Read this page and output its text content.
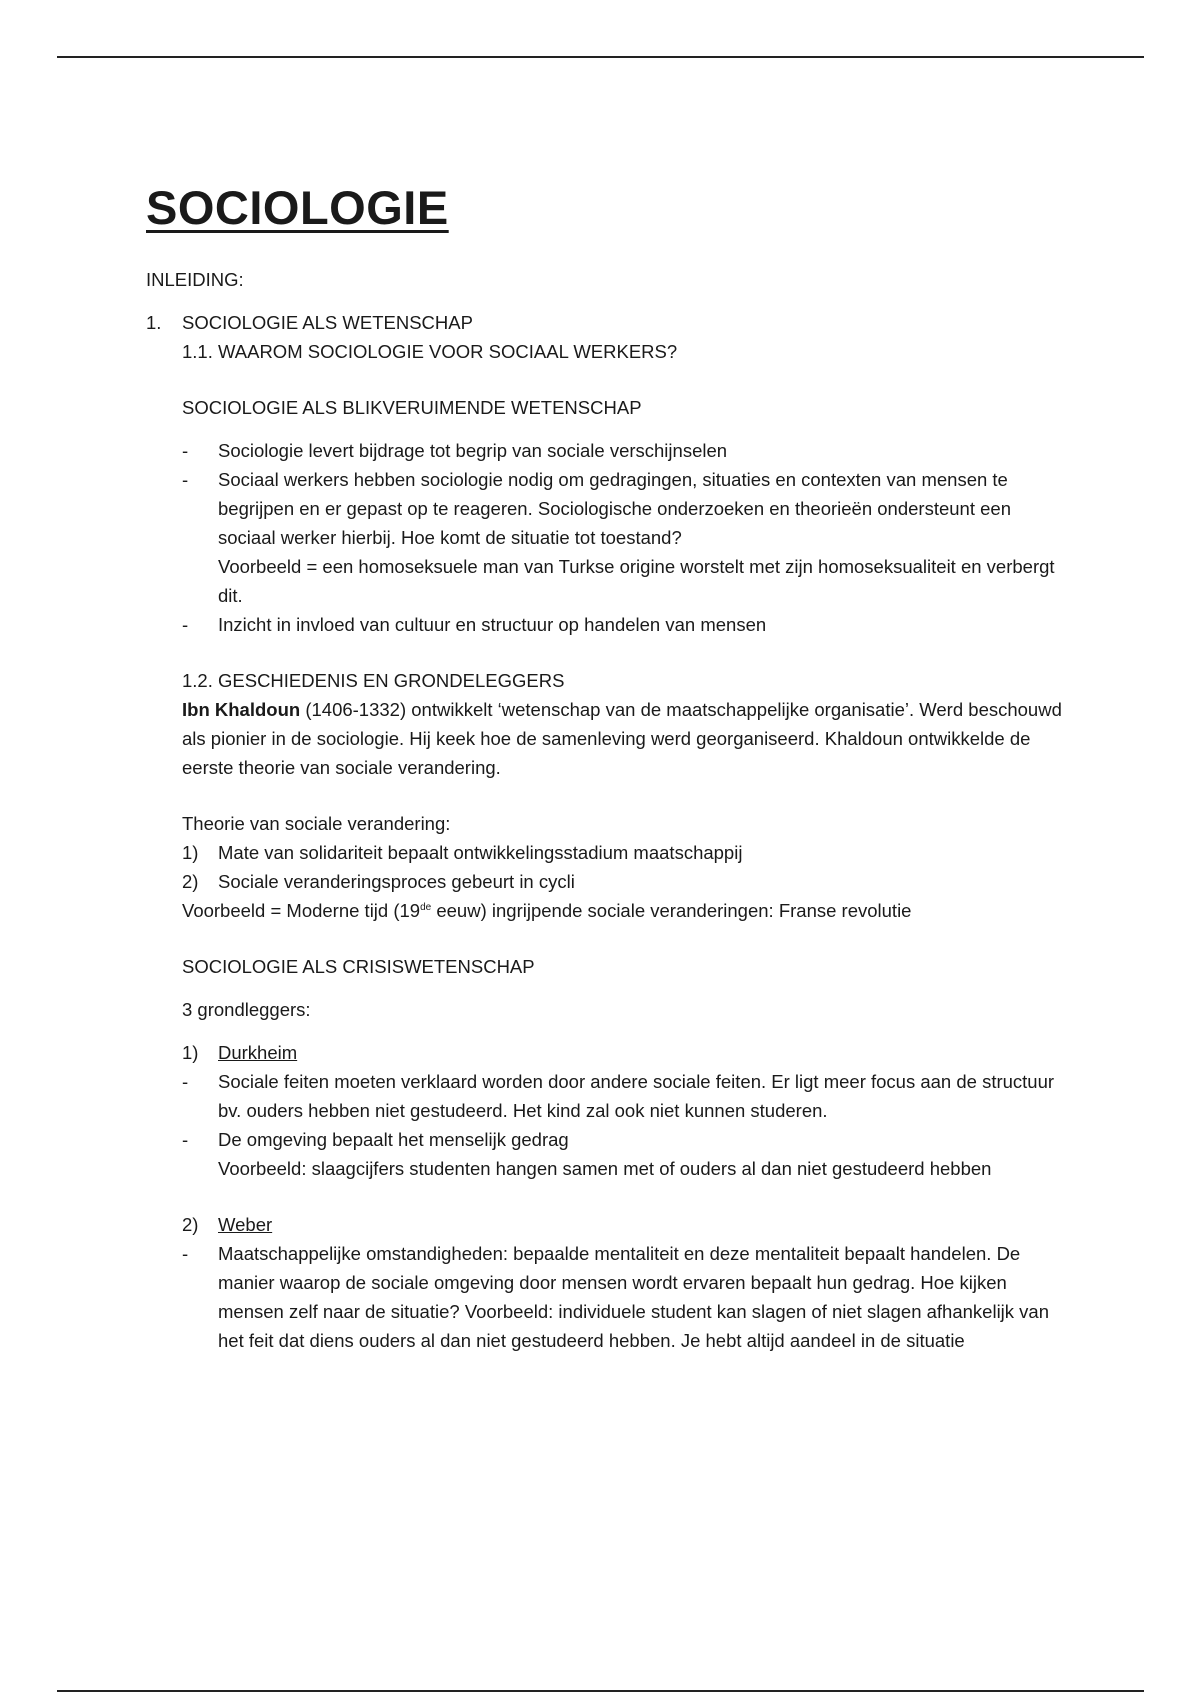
SOCIOLOGIE
INLEIDING:
1. SOCIOLOGIE ALS WETENSCHAP
1.1. WAAROM SOCIOLOGIE VOOR SOCIAAL WERKERS?
SOCIOLOGIE ALS BLIKVERUIMENDE WETENSCHAP
-	Sociologie levert bijdrage tot begrip van sociale verschijnselen
-	Sociaal werkers hebben sociologie nodig om gedragingen, situaties en contexten van mensen te begrijpen en er gepast op te reageren. Sociologische onderzoeken en theorieën ondersteunt een sociaal werker hierbij. Hoe komt de situatie tot toestand?
Voorbeeld = een homoseksuele man van Turkse origine worstelt met zijn homoseksualiteit en verbergt dit.
-	Inzicht in invloed van cultuur en structuur op handelen van mensen
1.2. GESCHIEDENIS EN GRONDELEGGERS
Ibn Khaldoun (1406-1332) ontwikkelt ‘wetenschap van de maatschappelijke organisatie’. Werd beschouwd als pionier in de sociologie. Hij keek hoe de samenleving werd georganiseerd. Khaldoun ontwikkelde de eerste theorie van sociale verandering.
Theorie van sociale verandering:
1)	Mate van solidariteit bepaalt ontwikkelingsstadium maatschappij
2)	Sociale veranderingsproces gebeurt in cycli
Voorbeeld = Moderne tijd (19de eeuw) ingrijpende sociale veranderingen: Franse revolutie
SOCIOLOGIE ALS CRISISWETENSCHAP
3 grondleggers:
1)	Durkheim
-	Sociale feiten moeten verklaard worden door andere sociale feiten. Er ligt meer focus aan de structuur bv. ouders hebben niet gestudeerd. Het kind zal ook niet kunnen studeren.
-	De omgeving bepaalt het menselijk gedrag
Voorbeeld: slaagcijfers studenten hangen samen met of ouders al dan niet gestudeerd hebben
2)	Weber
-	Maatschappelijke omstandigheden: bepaalde mentaliteit en deze mentaliteit bepaalt handelen. De manier waarop de sociale omgeving door mensen wordt ervaren bepaalt hun gedrag. Hoe kijken mensen zelf naar de situatie? Voorbeeld: individuele student kan slagen of niet slagen afhankelijk van het feit dat diens ouders al dan niet gestudeerd hebben. Je hebt altijd aandeel in de situatie
